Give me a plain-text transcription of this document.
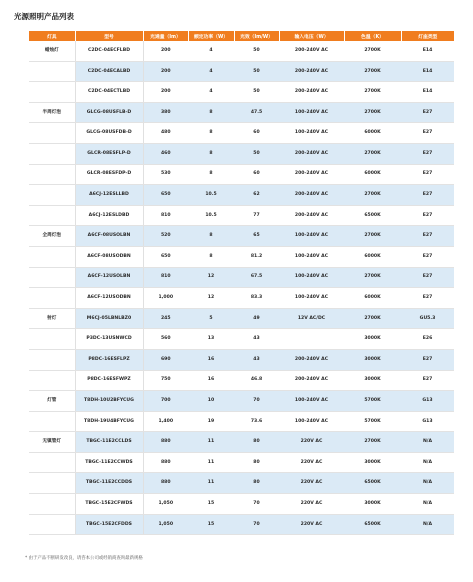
光源照明产品列表
灯具	型号	光通量（lm）	额定功率（W）	光效（lm/W）	输入电压（W）	色温（K）	灯座类型
蜡烛灯	C2DC-04ECFLBD	200	4	50	200-240V AC	2700K	E14
	C2DC-04ECALBD	200	4	50	200-240V AC	2700K	E14
	C2DC-04ECTLBD	200	4	50	200-240V AC	2700K	E14
半周灯泡	GLCG-08USFLB-D	380	8	47.5	100-240V AC	2700K	E27
	GLCG-08USFDB-D	480	8	60	100-240V AC	6000K	E27
	GLCR-08ESFLP-D	460	8	50	200-240V AC	2700K	E27
	GLCR-08ESFDP-D	530	8	60	200-240V AC	6000K	E27
	A6CJ-12ESLLBD	650	10.5	62	200-240V AC	2700K	E27
	A6CJ-12ESLDBD	810	10.5	77	200-240V AC	6500K	E27
全周灯泡	A6CF-08USOLBN	520	8	65	100-240V AC	2700K	E27
	A6CF-08USODBN	650	8	81.2	100-240V AC	6000K	E27
	A6CF-12USOLBN	810	12	67.5	100-240V AC	2700K	E27
	A6CF-12USODBN	1,000	12	83.3	100-240V AC	6000K	E27
射灯	M6CJ-05LBNLBZ0	245	5	49	12V AC/DC	2700K	GU5.3
	P3DC-13USNWCD	560	13	43		3000K	E26
	P8DC-16ESFLPZ	690	16	43	200-240V AC	3000K	E27
	P8DC-16ESFWPZ	750	16	46.8	200-240V AC	3000K	E27
灯管	T8DH-10U2BFYCUG	700	10	70	100-240V AC	5700K	G13
	T8DH-19U4BFYCUG	1,400	19	73.6	100-240V AC	5700K	G13
无镇管灯	TBGC-11E2CCLDS	880	11	80	220V AC	2700K	N/A
	TBGC-11E2CCWDS	880	11	80	220V AC	3000K	N/A
	TBGC-11E2CCDDS	880	11	80	220V AC	6500K	N/A
	TBGC-15E2CFWDS	1,050	15	70	220V AC	3000K	N/A
	TBGC-15E2CFDDS	1,050	15	70	220V AC	6500K	N/A
* 由于产品不断研发改良，请咨本公司或经销商查询最新规格
